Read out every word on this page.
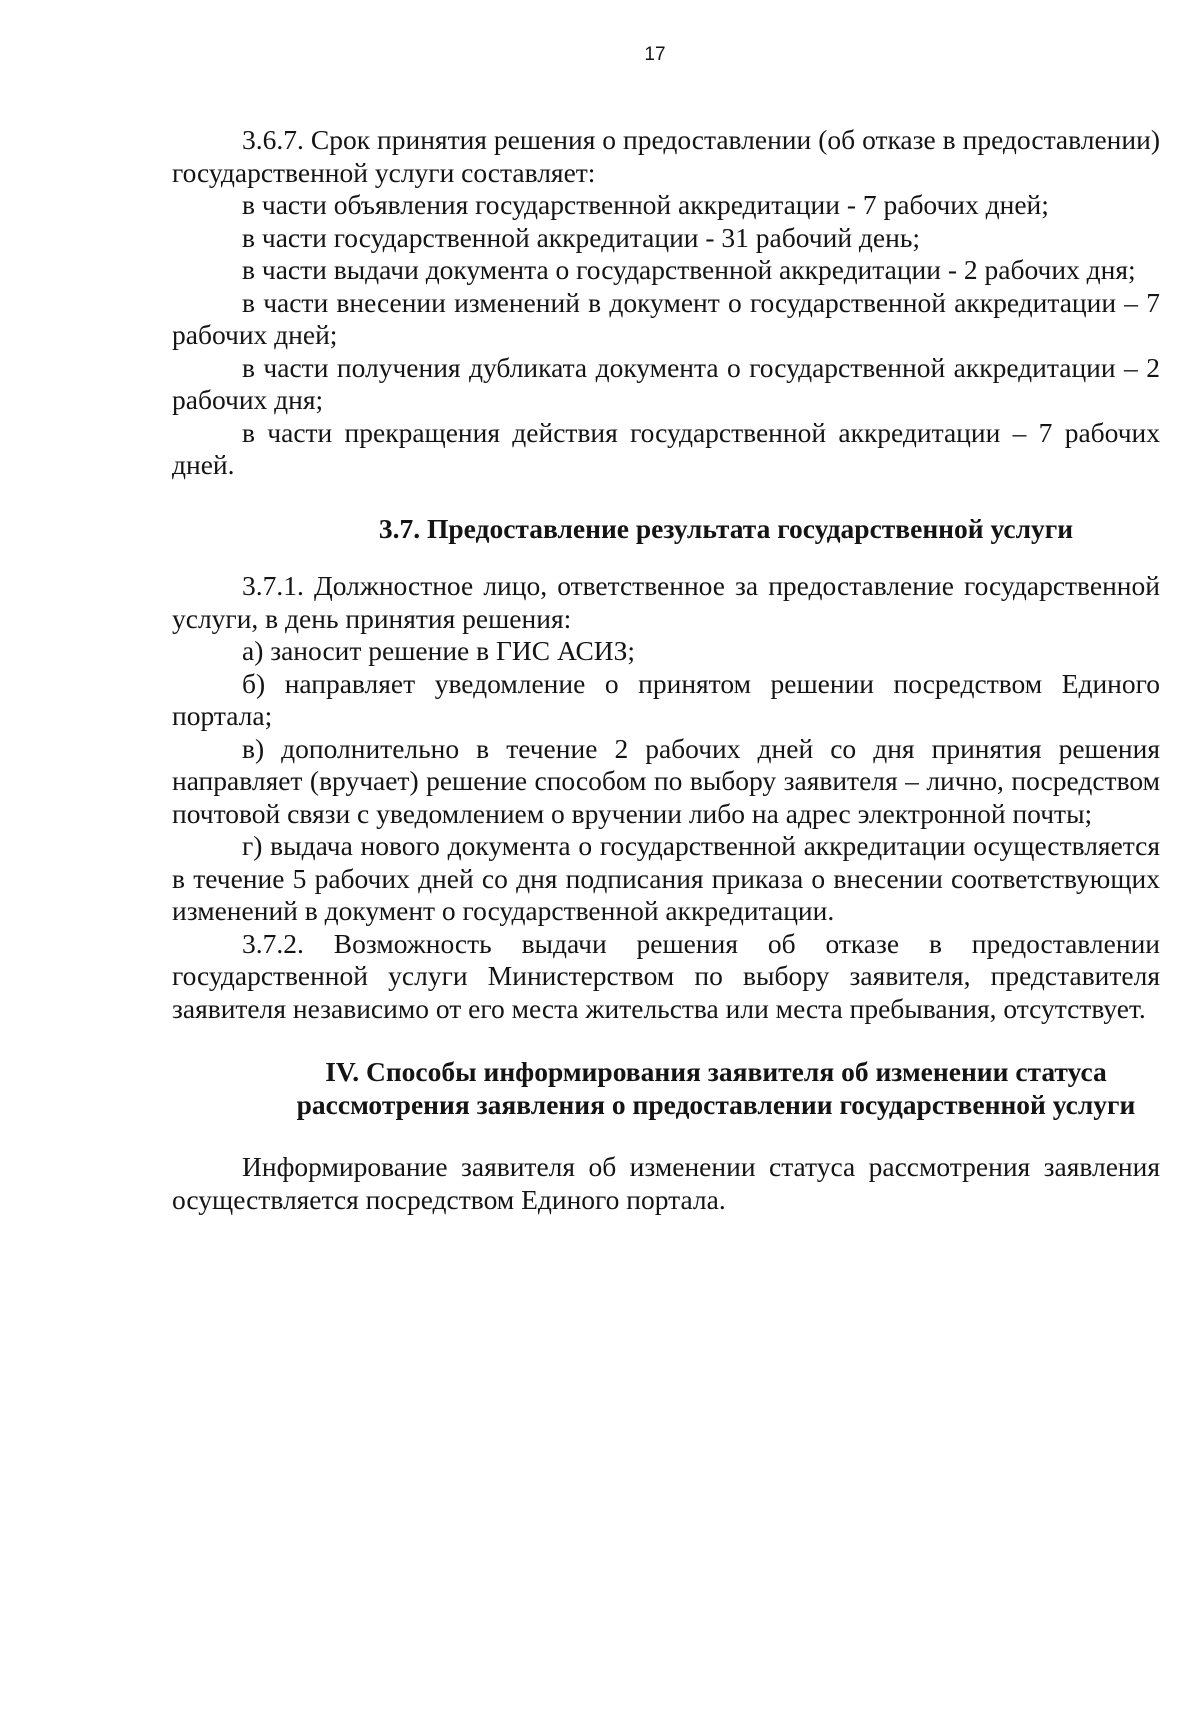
17

3.6.7. Срок принятия решения о предоставлении (об отказе в предоставлении) государственной услуги составляет:

в части объявления государственной аккредитации - 7 рабочих дней;

в части государственной аккредитации - 31 рабочий день;

в части выдачи документа о государственной аккредитации - 2 рабочих дня;

в части внесении изменений в документ о государственной аккредитации – 7 рабочих дней;

в части получения дубликата документа о государственной аккредитации – 2 рабочих дня;

в части прекращения действия государственной аккредитации – 7 рабочих дней.

3.7. Предоставление результата государственной услуги

3.7.1. Должностное лицо, ответственное за предоставление государственной услуги, в день принятия решения:

а) заносит решение в ГИС АСИЗ;

б) направляет уведомление о принятом решении посредством Единого портала;

в) дополнительно в течение 2 рабочих дней со дня принятия решения направляет (вручает) решение способом по выбору заявителя – лично, посредством почтовой связи с уведомлением о вручении либо на адрес электронной почты;

г) выдача нового документа о государственной аккредитации осуществляется в течение 5 рабочих дней со дня подписания приказа о внесении соответствующих изменений в документ о государственной аккредитации.

3.7.2. Возможность выдачи решения об отказе в предоставлении государственной услуги Министерством по выбору заявителя, представителя заявителя независимо от его места жительства или места пребывания, отсутствует.

IV. Способы информирования заявителя об изменении статуса
рассмотрения заявления о предоставлении государственной услуги

Информирование заявителя об изменении статуса рассмотрения заявления осуществляется посредством Единого портала.
